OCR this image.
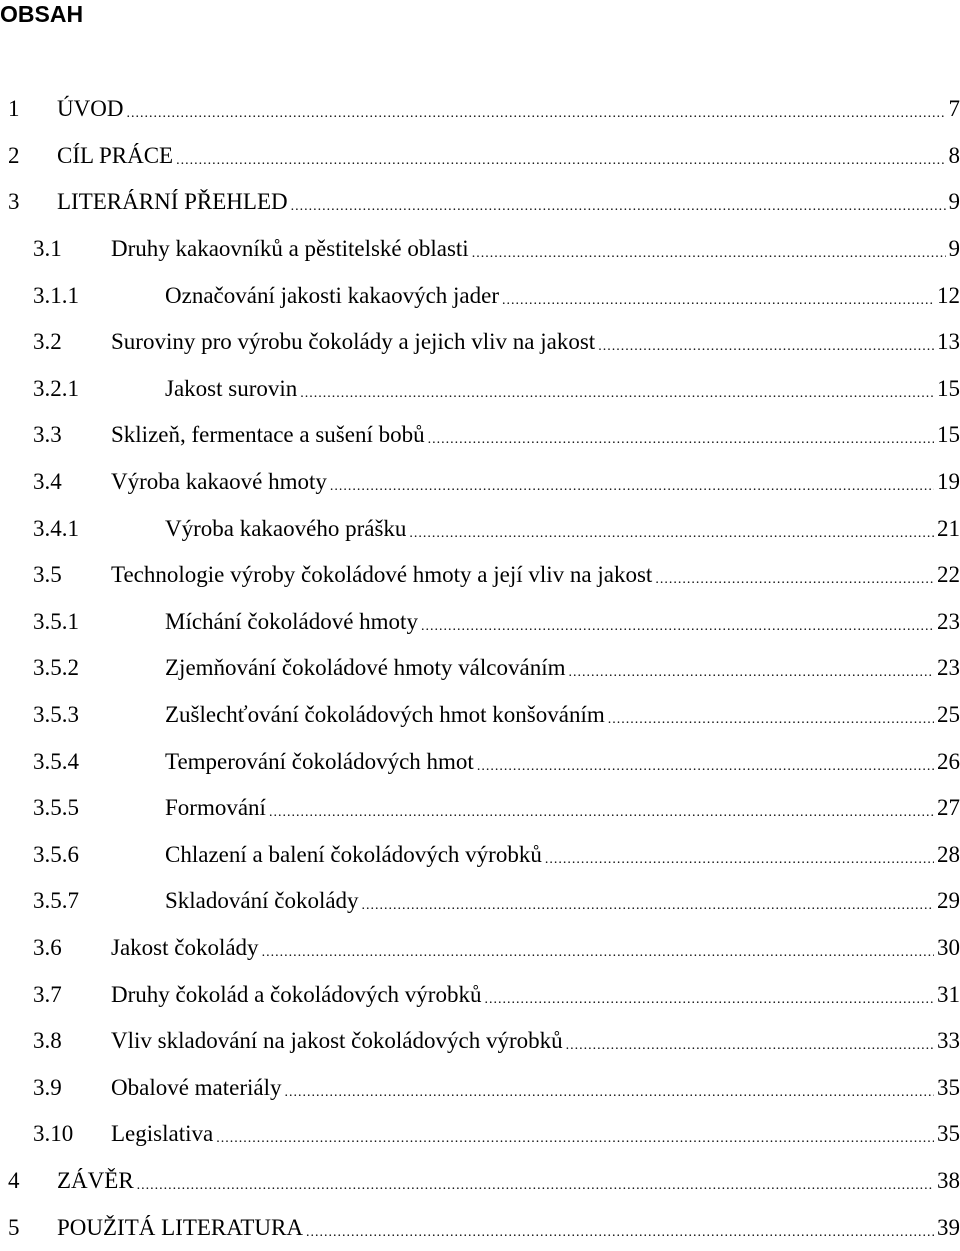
OBSAH
1	ÚVOD .....	7
2	CÍL PRÁCE .....	8
3	LITERÁRNÍ PŘEHLED .....	9
3.1	Druhy kakaovníků a pěstitelské oblasti .....	9
3.1.1	Označování jakosti kakaových jader .....	12
3.2	Suroviny pro výrobu čokolády a jejich vliv na jakost .....	13
3.2.1	Jakost surovin .....	15
3.3	Sklizeň, fermentace a sušení bobů .....	15
3.4	Výroba kakaové hmoty .....	19
3.4.1	Výroba kakaového prášku .....	21
3.5	Technologie výroby čokoládové hmoty a její vliv na jakost .....	22
3.5.1	Míchání čokoládové hmoty .....	23
3.5.2	Zjemňování čokoládové hmoty válcováním .....	23
3.5.3	Zušlechťování čokoládových hmot konšováním .....	25
3.5.4	Temperování čokoládových hmot .....	26
3.5.5	Formování .....	27
3.5.6	Chlazení a balení čokoládových výrobků .....	28
3.5.7	Skladování čokolády .....	29
3.6	Jakost čokolády .....	30
3.7	Druhy čokolád a čokoládových výrobků .....	31
3.8	Vliv skladování na jakost čokoládových výrobků .....	33
3.9	Obalové materiály .....	35
3.10	Legislativa .....	35
4	ZÁVĚR .....	38
5	POUŽITÁ LITERATURA .....	39
